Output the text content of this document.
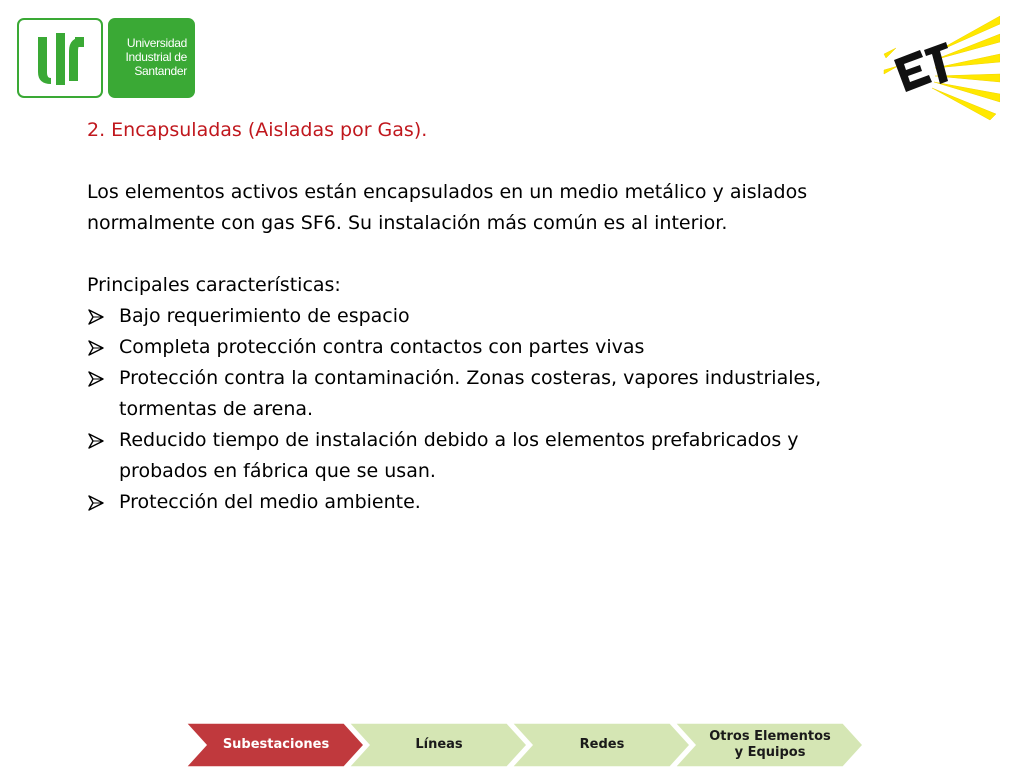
Universidad
Industrial de
Santander

2. Encapsuladas (Aisladas por Gas).

Los elementos activos están encapsulados en un medio metálico y aislados

normalmente con gas SF6. Su instalación más común es al interior.

Principales características:

Bajo requerimiento de espacio
Completa protección contra contactos con partes vivas
Protección contra la contaminación. Zonas costeras, vapores industriales,
tormentas de arena.
Reducido tiempo de instalación debido a los elementos prefabricados y
probados en fábrica que se usan.
Protección del medio ambiente.
Subestaciones	Líneas	Redes
Otros Elementos
y Equipos
